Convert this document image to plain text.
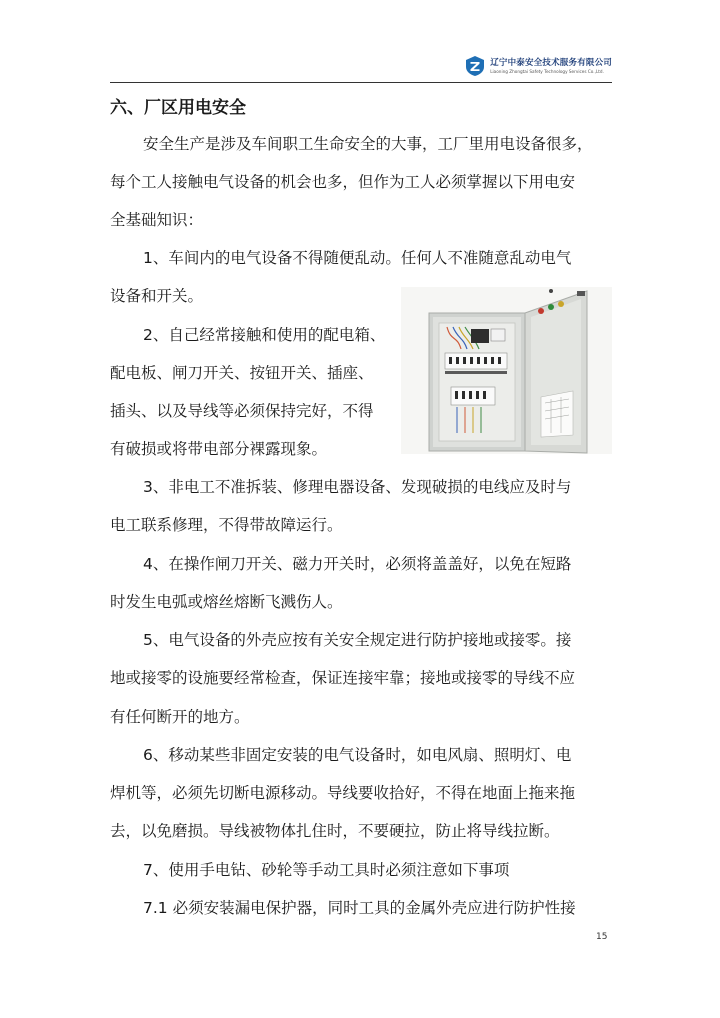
辽宁中泰安全技术服务有限公司
Liaoning Zhongtai Safety Technology Services Co.,Ltd.
六、厂区用电安全

安全生产是涉及车间职工生命安全的大事，工厂里用电设备很多，

每个工人接触电气设备的机会也多，但作为工人必须掌握以下用电安

全基础知识：

1、车间内的电气设备不得随便乱动。任何人不准随意乱动电气

设备和开关。

2、自己经常接触和使用的配电箱、

配电板、闸刀开关、按钮开关、插座、

插头、以及导线等必须保持完好，不得

有破损或将带电部分裸露现象。

3、非电工不准拆装、修理电器设备、发现破损的电线应及时与

电工联系修理，不得带故障运行。

4、在操作闸刀开关、磁力开关时，必须将盖盖好，以免在短路

时发生电弧或熔丝熔断飞溅伤人。

5、电气设备的外壳应按有关安全规定进行防护接地或接零。接

地或接零的设施要经常检查，保证连接牢靠；接地或接零的导线不应

有任何断开的地方。

6、移动某些非固定安装的电气设备时，如电风扇、照明灯、电

焊机等，必须先切断电源移动。导线要收拾好，不得在地面上拖来拖

去，以免磨损。导线被物体扎住时，不要硬拉，防止将导线拉断。

7、使用手电钻、砂轮等手动工具时必须注意如下事项

7.1 必须安装漏电保护器，同时工具的金属外壳应进行防护性接

15
